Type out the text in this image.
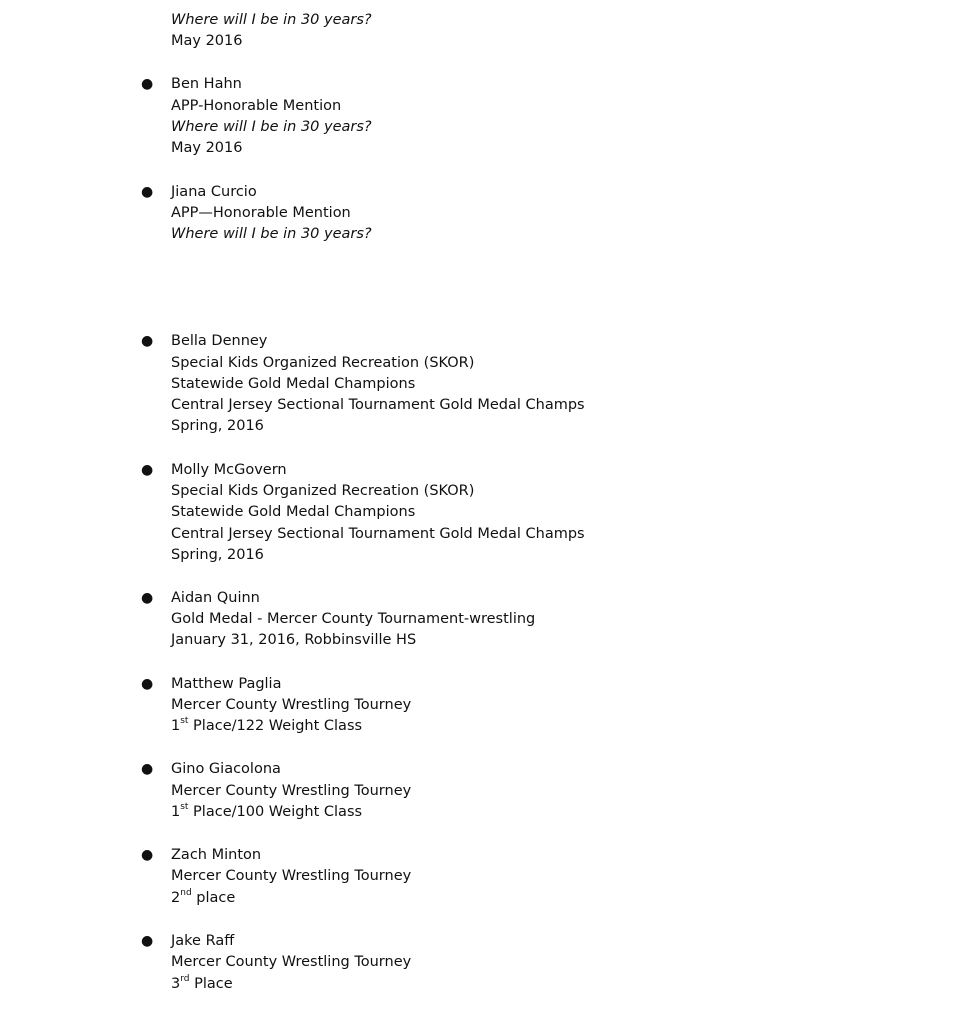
Where will I be in 30 years?
May 2016
● Ben Hahn
APP-Honorable Mention
Where will I be in 30 years?
May 2016
● Jiana Curcio
APP—Honorable Mention
Where will I be in 30 years?
● Bella Denney
Special Kids Organized Recreation (SKOR)
Statewide Gold Medal Champions
Central Jersey Sectional Tournament Gold Medal Champs
Spring, 2016
● Molly McGovern
Special Kids Organized Recreation (SKOR)
Statewide Gold Medal Champions
Central Jersey Sectional Tournament Gold Medal Champs
Spring, 2016
● Aidan Quinn
Gold Medal - Mercer County Tournament-wrestling
January 31, 2016, Robbinsville HS
● Matthew Paglia
Mercer County Wrestling Tourney
1st Place/122 Weight Class
● Gino Giacolona
Mercer County Wrestling Tourney
1st Place/100 Weight Class
● Zach Minton
Mercer County Wrestling Tourney
2nd place
● Jake Raff
Mercer County Wrestling Tourney
3rd Place
